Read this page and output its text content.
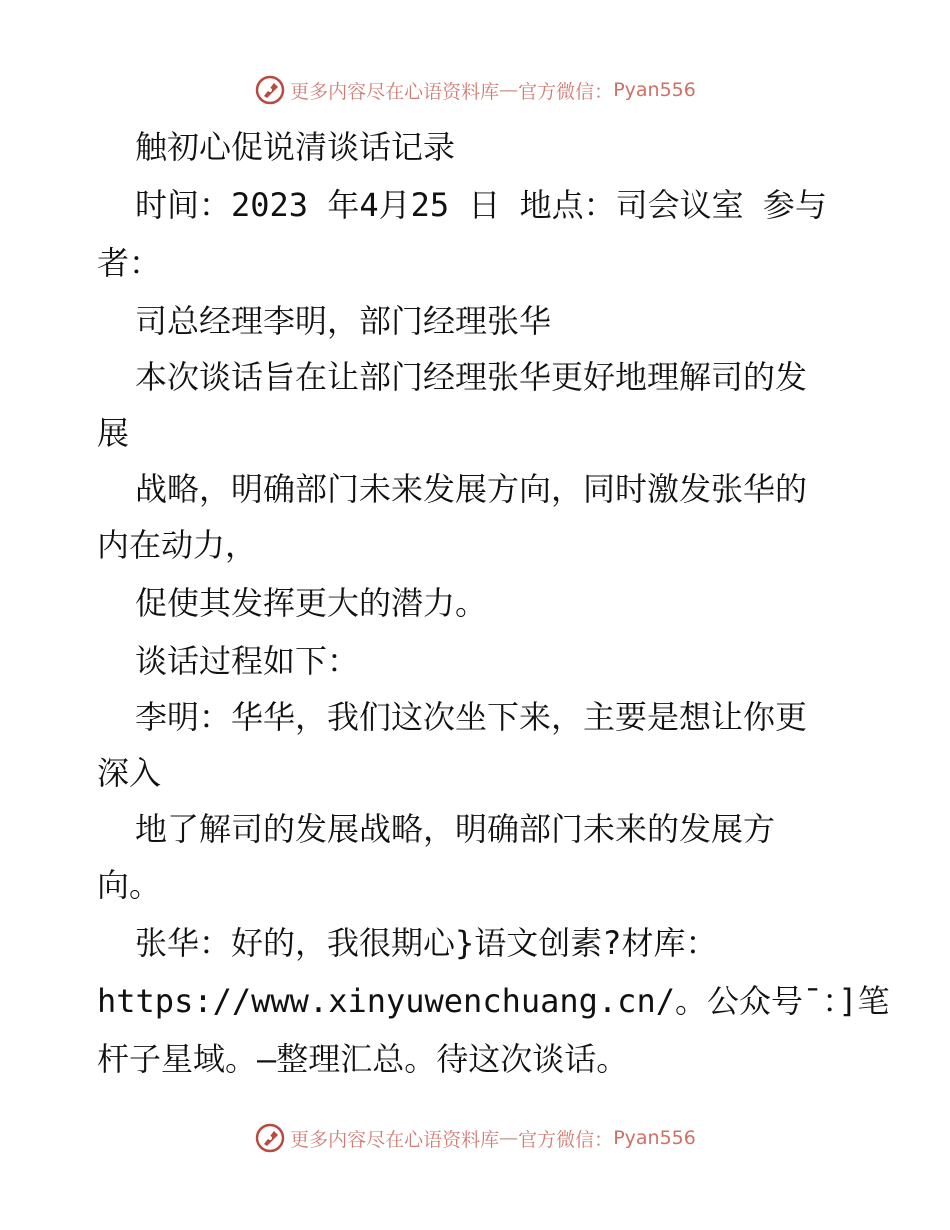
更多内容尽在心语资料库 — 官方微信： Pyan556
触初心促说清谈话记录
时间：2023 年4月25 日 地点：司会议室 参与
者：
司总经理李明，部门经理张华
本次谈话旨在让部门经理张华更好地理解司的发
展
战略，明确部门未来发展方向，同时激发张华的
内在动力，
促使其发挥更大的潜力。
谈话过程如下：
李明：华华，我们这次坐下来，主要是想让你更
深入
地了解司的发展战略，明确部门未来的发展方
向。
张华：好的，我很期心}语文创素?材库：
https://www.xinyuwenchuang.cn/。公众号¯：]笔
杆子星域。—整理汇总。待这次谈话。
更多内容尽在心语资料库 — 官方微信： Pyan556
